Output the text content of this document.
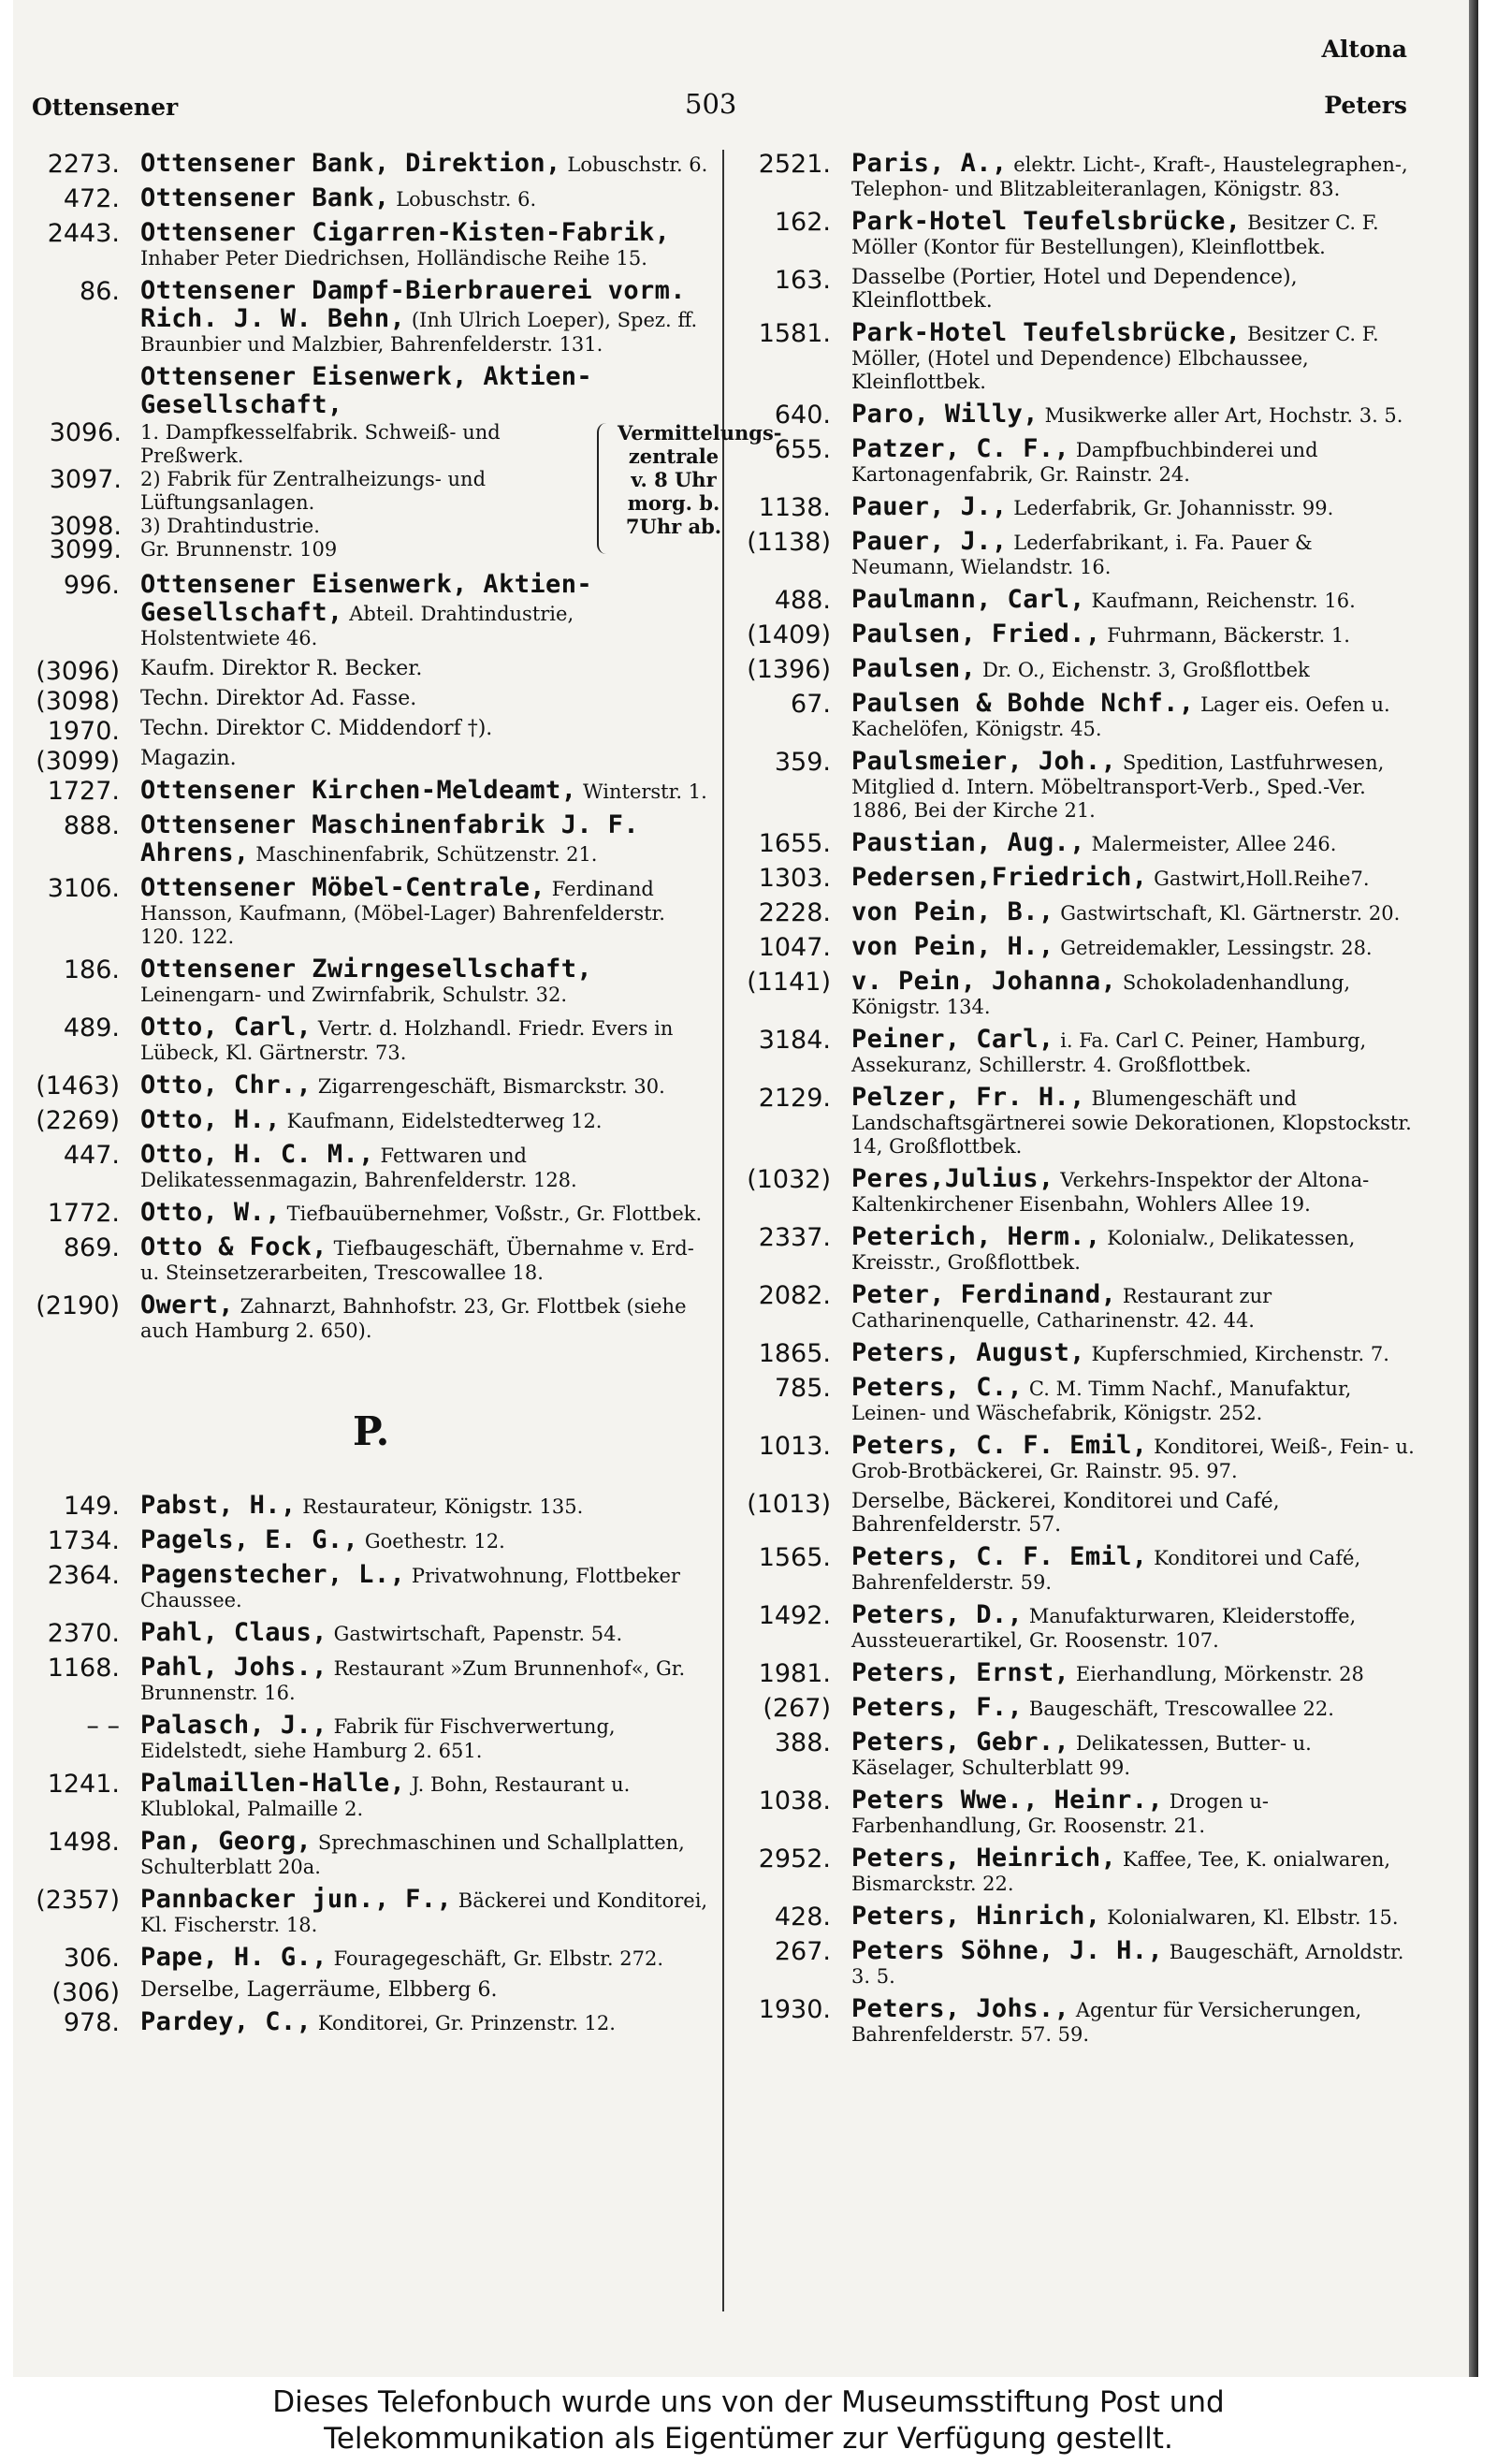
Ottensener	503
Altona
Peters
2273. Ottensener Bank, Direktion, Lobuschstr. 6.
472. Ottensener Bank, Lobuschstr. 6.
2443. Ottensener Cigarren-Kisten-Fabrik, Inhaber Peter Diedrichsen, Holländische Reihe 15.
86. Ottensener Dampf-Bierbrauerei vorm. Rich. J. W. Behn, (Inh Ulrich Loeper), Spez. ff. Braunbier und Malzbier, Bahrenfelderstr. 131.
Ottensener Eisenwerk, Aktien-Gesellschaft,
3096. 1. Dampfkesselfabrik. Schweiß- und Preßwerk.
3097. 2) Fabrik für Zentralheizungs- und Lüftungsanlagen.
3098. 3) Drahtindustrie.
3099. Gr. Brunnenstr. 109
Vermittelungs-zentrale v. 8 Uhr morg. b. 7Uhr ab.
996. Ottensener Eisenwerk, Aktien-Gesellschaft, Abteil. Drahtindustrie, Holstentwiete 46.
(3096) Kaufm. Direktor R. Becker.
(3098) Techn. Direktor Ad. Fasse.
1970. Techn. Direktor C. Middendorf †).
(3099) Magazin.
1727. Ottensener Kirchen-Meldeamt, Winterstr. 1.
888. Ottensener Maschinenfabrik J. F. Ahrens, Maschinenfabrik, Schützenstr. 21.
3106. Ottensener Möbel-Centrale, Ferdinand Hansson, Kaufmann, (Möbel-Lager) Bahrenfelderstr. 120. 122.
186. Ottensener Zwirngesellschaft, Leinengarn- und Zwirnfabrik, Schulstr. 32.
489. Otto, Carl, Vertr. d. Holzhandl. Friedr. Evers in Lübeck, Kl. Gärtnerstr. 73.
(1463) Otto, Chr., Zigarrengeschäft, Bismarckstr. 30.
(2269) Otto, H., Kaufmann, Eidelstedterweg 12.
447. Otto, H. C. M., Fettwaren und Delikatessenmagazin, Bahrenfelderstr. 128.
1772. Otto, W., Tiefbauübernehmer, Voßstr., Gr. Flottbek.
869. Otto & Fock, Tiefbaugeschäft, Übernahme v. Erd- u. Steinsetzerarbeiten, Trescowallee 18.
(2190) Owert, Zahnarzt, Bahnhofstr. 23, Gr. Flottbek (siehe auch Hamburg 2. 650).
P.
149. Pabst, H., Restaurateur, Königstr. 135.
1734. Pagels, E. G., Goethestr. 12.
2364. Pagenstecher, L., Privatwohnung, Flottbeker Chaussee.
2370. Pahl, Claus, Gastwirtschaft, Papenstr. 54.
1168. Pahl, Johs., Restaurant »Zum Brunnenhof«, Gr. Brunnenstr. 16.
– – Palasch, J., Fabrik für Fischverwertung, Eidelstedt, siehe Hamburg 2. 651.
1241. Palmaillen-Halle, J. Bohn, Restaurant u. Klublokal, Palmaille 2.
1498. Pan, Georg, Sprechmaschinen und Schallplatten, Schulterblatt 20a.
(2357) Pannbacker jun., F., Bäckerei und Konditorei, Kl. Fischerstr. 18.
306. Pape, H. G., Fouragegeschäft, Gr. Elbstr. 272.
(306) Derselbe, Lagerräume, Elbberg 6.
978. Pardey, C., Konditorei, Gr. Prinzenstr. 12.
2521. Paris, A., elektr. Licht-, Kraft-, Haustelegraphen-, Telephon- und Blitzableiteranlagen, Königstr. 83.
162. Park-Hotel Teufelsbrücke, Besitzer C. F. Möller (Kontor für Bestellungen), Kleinflottbek.
163. Dasselbe (Portier, Hotel und Dependence), Kleinflottbek.
1581. Park-Hotel Teufelsbrücke, Besitzer C. F. Möller, (Hotel und Dependence) Elbchaussee, Kleinflottbek.
640. Paro, Willy, Musikwerke aller Art, Hochstr. 3. 5.
655. Patzer, C. F., Dampfbuchbinderei und Kartonagenfabrik, Gr. Rainstr. 24.
1138. Pauer, J., Lederfabrik, Gr. Johannisstr. 99.
(1138) Pauer, J., Lederfabrikant, i. Fa. Pauer & Neumann, Wielandstr. 16.
488. Paulmann, Carl, Kaufmann, Reichenstr. 16.
(1409) Paulsen, Fried., Fuhrmann, Bäckerstr. 1.
(1396) Paulsen, Dr. O., Eichenstr. 3, Großflottbek
67. Paulsen & Bohde Nchf., Lager eis. Oefen u. Kachelöfen, Königstr. 45.
359. Paulsmeier, Joh., Spedition, Lastfuhrwesen, Mitglied d. Intern. Möbeltransport-Verb., Sped.-Ver. 1886, Bei der Kirche 21.
1655. Paustian, Aug., Malermeister, Allee 246.
1303. Pedersen,Friedrich, Gastwirt,Holl.Reihe7.
2228. von Pein, B., Gastwirtschaft, Kl. Gärtnerstr. 20.
1047. von Pein, H., Getreidemakler, Lessingstr. 28.
(1141) v. Pein, Johanna, Schokoladenhandlung, Königstr. 134.
3184. Peiner, Carl, i. Fa. Carl C. Peiner, Hamburg, Assekuranz, Schillerstr. 4. Großflottbek.
2129. Pelzer, Fr. H., Blumengeschäft und Landschaftsgärtnerei sowie Dekorationen, Klopstockstr. 14, Großflottbek.
(1032) Peres,Julius, Verkehrs-Inspektor der Altona-Kaltenkirchener Eisenbahn, Wohlers Allee 19.
2337. Peterich, Herm., Kolonialw., Delikatessen, Kreisstr., Großflottbek.
2082. Peter, Ferdinand, Restaurant zur Catharinenquelle, Catharinenstr. 42. 44.
1865. Peters, August, Kupferschmied, Kirchenstr. 7.
785. Peters, C., C. M. Timm Nachf., Manufaktur, Leinen- und Wäschefabrik, Königstr. 252.
1013. Peters, C. F. Emil, Konditorei, Weiß-, Fein- u. Grob-Brotbäckerei, Gr. Rainstr. 95. 97.
(1013) Derselbe, Bäckerei, Konditorei und Café, Bahrenfelderstr. 57.
1565. Peters, C. F. Emil, Konditorei und Café, Bahrenfelderstr. 59.
1492. Peters, D., Manufakturwaren, Kleiderstoffe, Aussteuerartikel, Gr. Roosenstr. 107.
1981. Peters, Ernst, Eierhandlung, Mörkenstr. 28
(267) Peters, F., Baugeschäft, Trescowallee 22.
388. Peters, Gebr., Delikatessen, Butter- u. Käselager, Schulterblatt 99.
1038. Peters Wwe., Heinr., Drogen u- Farbenhandlung, Gr. Roosenstr. 21.
2952. Peters, Heinrich, Kaffee, Tee, K. onialwaren, Bismarckstr. 22.
428. Peters, Hinrich, Kolonialwaren, Kl. Elbstr. 15.
267. Peters Söhne, J. H., Baugeschäft, Arnoldstr. 3. 5.
1930. Peters, Johs., Agentur für Versicherungen, Bahrenfelderstr. 57. 59.
Dieses Telefonbuch wurde uns von der Museumsstiftung Post und
Telekommunikation als Eigentümer zur Verfügung gestellt.
